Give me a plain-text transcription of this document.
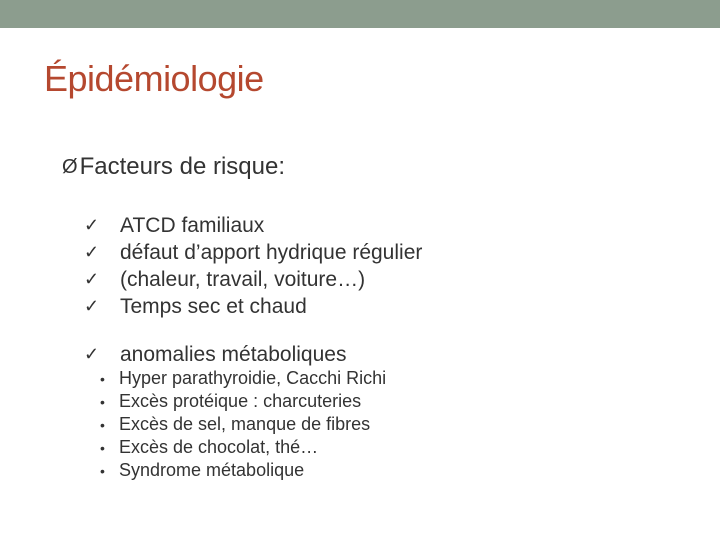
Épidémiologie
Ø Facteurs de risque:
✓ ATCD familiaux
✓ défaut d’apport hydrique régulier
✓ (chaleur, travail, voiture…)
✓ Temps sec et chaud
✓ anomalies métaboliques
• Hyper parathyroidie, Cacchi Richi
• Excès protéique : charcuteries
• Excès de sel, manque de fibres
• Excès de chocolat, thé…
• Syndrome métabolique
